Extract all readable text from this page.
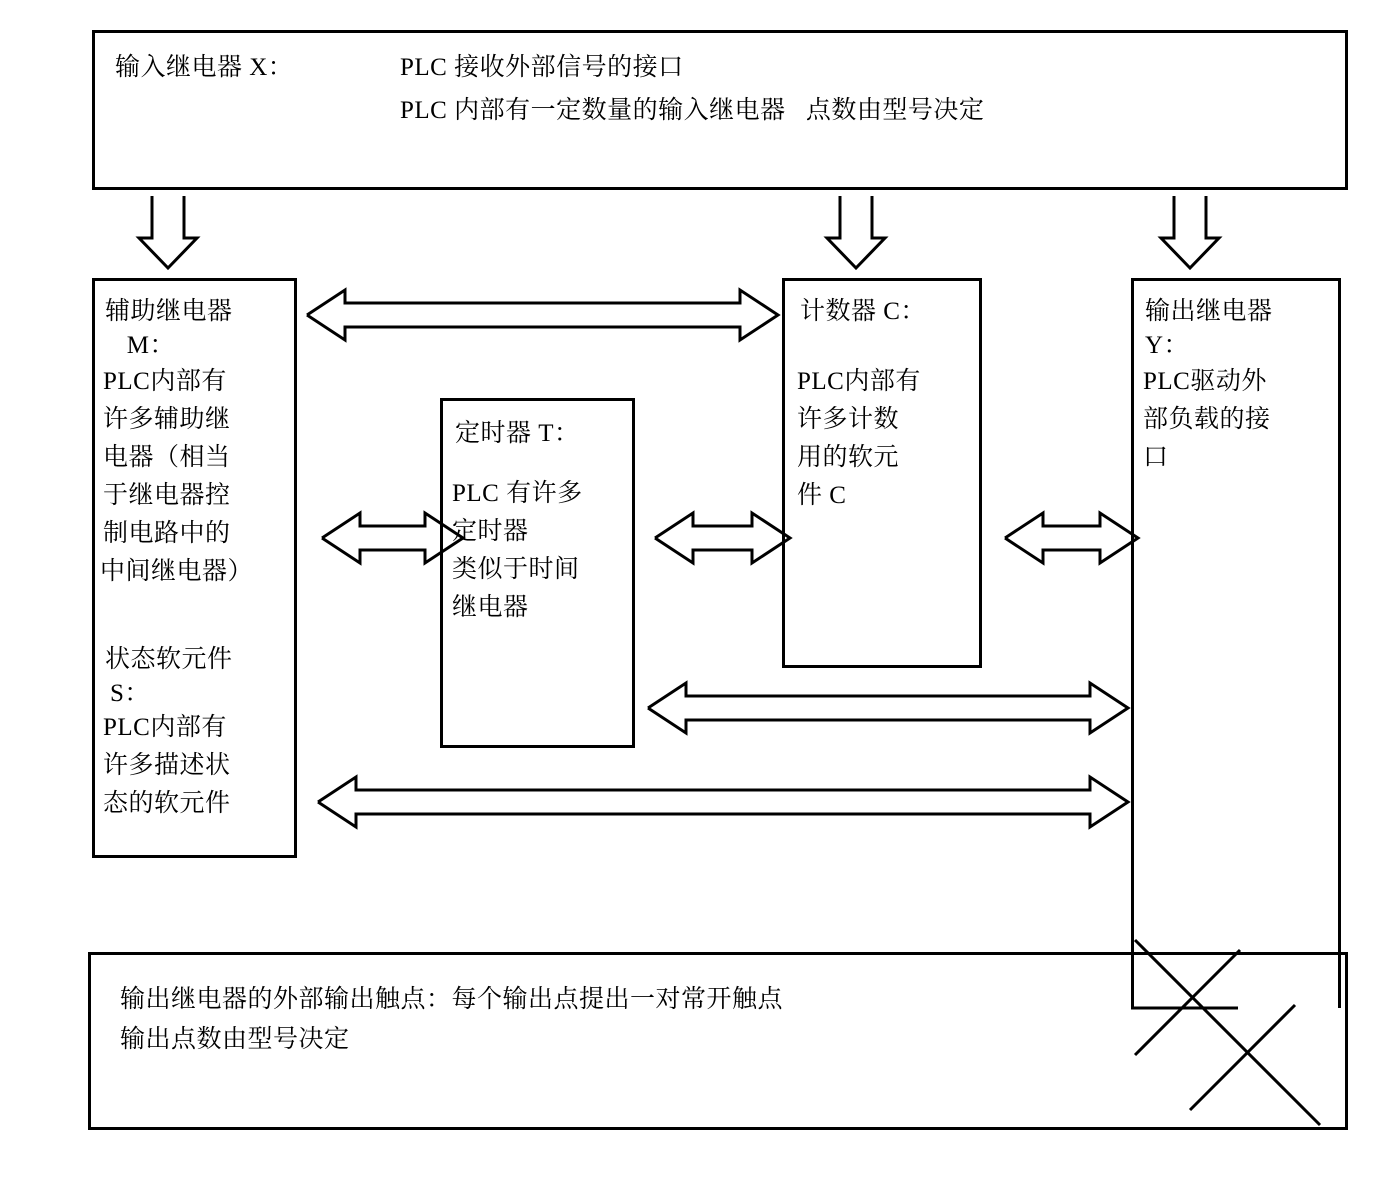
输入继电器 X：	PLC 接收外部信号的接口
PLC 内部有一定数量的输入继电器   点数由型号决定
辅助继电器
M：
PLC内部有
许多辅助继
电器（相当
于继电器控
制电路中的
中间继电器）
状态软元件
S：
PLC内部有
许多描述状
态的软元件
定时器 T：
PLC 有许多
定时器
类似于时间
继电器
计数器 C：
PLC内部有
许多计数
用的软元
件 C
输出继电器
Y：
PLC驱动外
部负载的接
口
输出继电器的外部输出触点：每个输出点提出一对常开触点
输出点数由型号决定
